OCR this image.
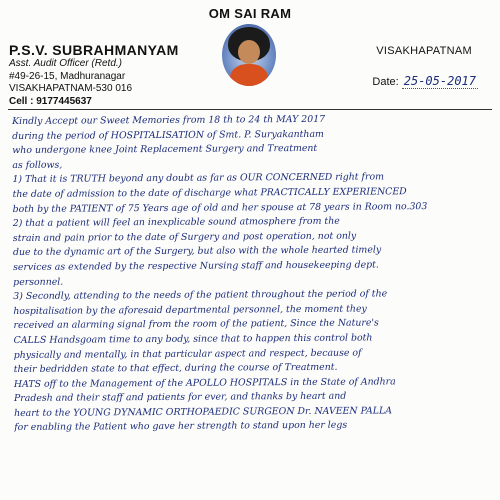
OM SAI RAM
P.S.V. SUBRAHMANYAM
Asst. Audit Officer (Retd.)
#49-26-15, Madhuranagar
VISAKHAPATNAM-530 016
Cell : 9177445637
VISAKHAPATNAM
Date: 25-05-2017
Kindly Accept our Sweet Memories from 18 th to 24 th MAY 2017
during the period of HOSPITALISATION of Smt. P. Suryakantham
who undergone knee Joint Replacement Surgery and Treatment
as follows,
1) That it is TRUTH beyond any doubt as far as OUR CONCERNED right from
the date of admission to the date of discharge what PRACTICALLY EXPERIENCED
both by the PATIENT of 75 Years age of old and her spouse at 78 years in Room no.303
2) that a patient will feel an inexplicable sound atmosphere from the
strain and pain prior to the date of Surgery and post operation, not only
due to the dynamic art of the Surgery, but also with the whole hearted timely
services as extended by the respective Nursing staff and housekeeping dept.
personnel.
3) Secondly, attending to the needs of the patient throughout the period of the
hospitalisation by the aforesaid departmental personnel, the moment they
received an alarming signal from the room of the patient, Since the Nature's
CALLS Handsgoam time to any body, since that to happen this control both
physically and mentally, in that particular aspect and respect, because of
their bedridden state to that effect, during the course of Treatment.
HATS off to the Management of the APOLLO HOSPITALS in the State of Andhra
Pradesh and their staff and patients for ever, and thanks by heart and
heart to the YOUNG DYNAMIC ORTHOPAEDIC SURGEON Dr. NAVEEN PALLA
for enabling the Patient who gave her strength to stand upon her legs
